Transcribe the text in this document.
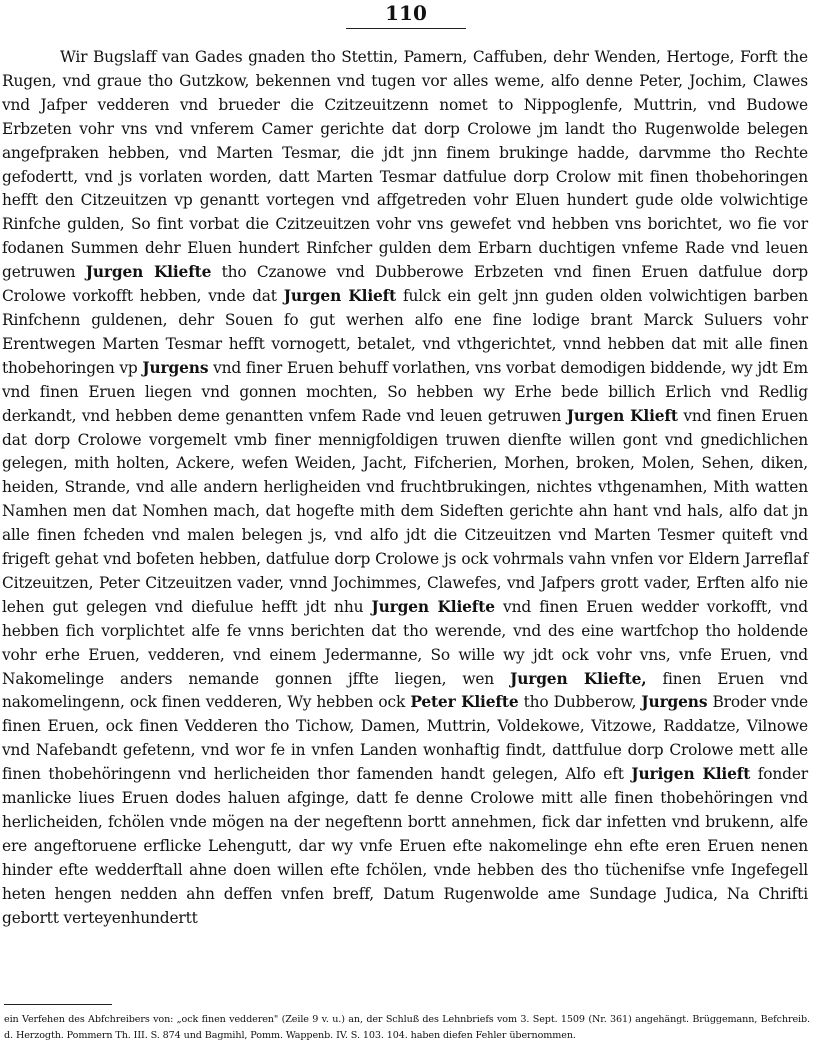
110
Wir Bugslaff van Gades gnaden tho Stettin, Pamern, Caffuben, dehr Wenden, Hertoge, Forft the Rugen, vnd graue tho Gutzkow, bekennen vnd tugen vor alles weme, alfo denne Peter, Jochim, Clawes vnd Jafper vedderen vnd brueder die Czitzeuitzenn nomet to Nippoglenfe, Muttrin, vnd Budowe Erbzeten vohr vns vnd vnferem Camer gerichte dat dorp Crolowe jm landt tho Rugenwolde belegen angefpraken hebben, vnd Marten Tesmar, die jdt jnn finem brukinge hadde, darvmme tho Rechte gefodertt, vnd js vorlaten worden, datt Marten Tesmar datfulue dorp Crolow mit finen thobehoringen hefft den Citzeuitzen vp genantt vortegen vnd affgetreden vohr Eluen hundert gude olde volwichtige Rinfche gulden, So fint vorbat die Czitzeuitzen vohr vns gewefet vnd hebben vns borichtet, wo fie vor fodanen Summen dehr Eluen hundert Rinfcher gulden dem Erbarn duchtigen vnfeme Rade vnd leuen getruwen Jurgen Kliefte tho Czanowe vnd Dubberowe Erbzeten vnd finen Eruen datfulue dorp Crolowe vorkofft hebben, vnde dat Jurgen Klieft fulck ein gelt jnn guden olden volwichtigen barben Rinfchenn guldenen, dehr Souen fo gut werhen alfo ene fine lodige brant Marck Suluers vohr Erentwegen Marten Tesmar hefft vornogett, betalet, vnd vthgerichtet, vnnd hebben dat mit alle finen thobehoringen vp Jurgens vnd finer Eruen behuff vorlathen, vns vorbat demodigen biddende, wy jdt Em vnd finen Eruen liegen vnd gonnen mochten, So hebben wy Erhe bede billich Erlich vnd Redlig derkandt, vnd hebben deme genantten vnfem Rade vnd leuen getruwen Jurgen Klieft vnd finen Eruen dat dorp Crolowe vorgemelt vmb finer mennigfoldigen truwen dienfte willen gont vnd gnedichlichen gelegen, mith holten, Ackere, wefen Weiden, Jacht, Fifcherien, Morhen, broken, Molen, Sehen, diken, heiden, Strande, vnd alle andern herligheiden vnd fruchtbrukingen, nichtes vthgenamhen, Mith watten Namhen men dat Nomhen mach, dat hogefte mith dem Sideften gerichte ahn hant vnd hals, alfo dat jn alle finen fcheden vnd malen belegen js, vnd alfo jdt die Citzeuitzen vnd Marten Tesmer quiteft vnd frigeft gehat vnd bofeten hebben, datfulue dorp Crolowe js ock vohrmals vahn vnfen vor Eldern Jarreflaf Citzeuitzen, Peter Citzeuitzen vader, vnnd Jochimmes, Clawefes, vnd Jafpers grott vader, Erften alfo nie lehen gut gelegen vnd diefulue hefft jdt nhu Jurgen Kliefte vnd finen Eruen wedder vorkofft, vnd hebben fich vorplichtet alfe fe vnns berichten dat tho werende, vnd des eine wartfchop tho holdende vohr erhe Eruen, vedderen, vnd einem Jedermanne, So wille wy jdt ock vohr vns, vnfe Eruen, vnd Nakomelinge anders nemande gonnen jffte liegen, wen Jurgen Kliefte, finen Eruen vnd nakomelingenn, ock finen vedderen, Wy hebben ock Peter Kliefte tho Dubberow, Jurgens Broder vnde finen Eruen, ock finen Vedderen tho Tichow, Damen, Muttrin, Voldekowe, Vitzowe, Raddatze, Vilnowe vnd Nafebandt gefetenn, vnd wor fe in vnfen Landen wonhaftig findt, dattfulue dorp Crolowe mett alle finen thobehöringenn vnd herlicheiden thor famenden handt gelegen, Alfo eft Jurigen Klieft fonder manlicke liues Eruen dodes haluen afginge, datt fe denne Crolowe mitt alle finen thobehöringen vnd herlicheiden, fchölen vnde mögen na der negeftenn bortt annehmen, fick dar infetten vnd brukenn, alfe ere angeftoruene erflicke Lehengutt, dar wy vnfe Eruen efte nakomelinge ehn efte eren Eruen nenen hinder efte wedderftall ahne doen willen efte fchölen, vnde hebben des tho tüchenifse vnfe Ingefegell heten hengen nedden ahn deffen vnfen breff, Datum Rugenwolde ame Sundage Judica, Na Chrifti gebortt verteyenhundertt
ein Verfehen des Abfchreibers von: „ock finen vedderen" (Zeile 9 v. u.) an, der Schluß des Lehnbriefs vom 3. Sept. 1509 (Nr. 361) angehängt. Brüggemann, Befchreib. d. Herzogth. Pommern Th. III. S. 874 und Bagmihl, Pomm. Wappenb. IV. S. 103. 104. haben diefen Fehler übernommen.
